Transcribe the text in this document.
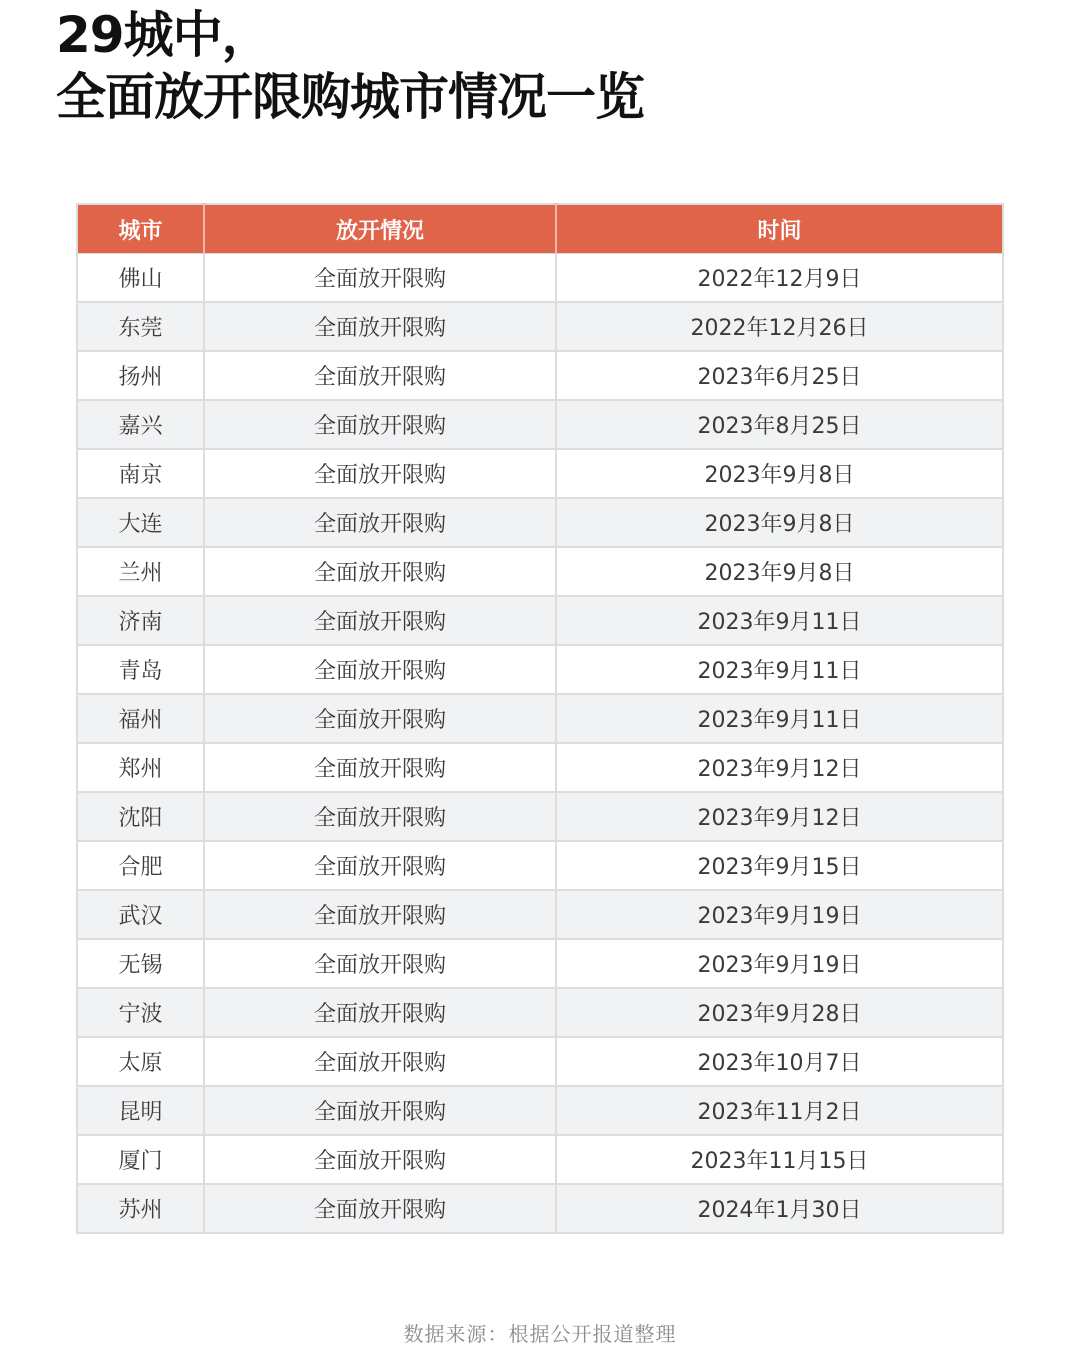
29城中，
全面放开限购城市情况一览
城市	放开情况	时间
佛山	全面放开限购	2022年12月9日
东莞	全面放开限购	2022年12月26日
扬州	全面放开限购	2023年6月25日
嘉兴	全面放开限购	2023年8月25日
南京	全面放开限购	2023年9月8日
大连	全面放开限购	2023年9月8日
兰州	全面放开限购	2023年9月8日
济南	全面放开限购	2023年9月11日
青岛	全面放开限购	2023年9月11日
福州	全面放开限购	2023年9月11日
郑州	全面放开限购	2023年9月12日
沈阳	全面放开限购	2023年9月12日
合肥	全面放开限购	2023年9月15日
武汉	全面放开限购	2023年9月19日
无锡	全面放开限购	2023年9月19日
宁波	全面放开限购	2023年9月28日
太原	全面放开限购	2023年10月7日
昆明	全面放开限购	2023年11月2日
厦门	全面放开限购	2023年11月15日
苏州	全面放开限购	2024年1月30日
数据来源：根据公开报道整理
